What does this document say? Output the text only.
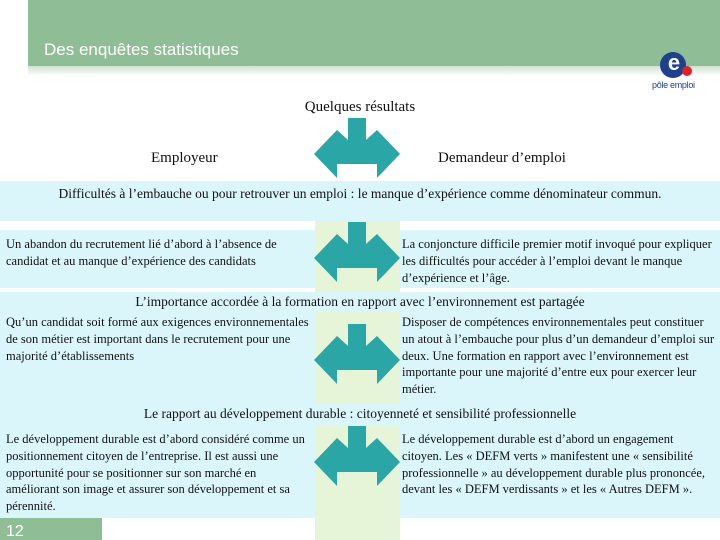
Des enquêtes statistiques
e
pôle emploi
Difficultés à l’embauche ou pour retrouver un emploi : le manque d’expérience comme dénominateur commun.
L’importance accordée à la formation en rapport avec l’environnement est partagée
Le rapport au développement durable : citoyenneté et sensibilité professionnelle
Quelques résultats
Employeur	Demandeur d’emploi
Un abandon du recrutement lié d’abord à l’absence de candidat et au manque d’expérience des candidats
La conjoncture difficile premier motif invoqué pour expliquer les difficultés pour accéder à l’emploi devant le manque d’expérience et l’âge.
Qu’un candidat soit formé aux exigences environnementales de son métier est important dans le recrutement pour une majorité d’établissements
Disposer de compétences environnementales peut constituer un atout à l’embauche pour plus d’un demandeur d’emploi sur deux. Une formation en rapport avec l’environnement est importante pour une majorité d’entre eux pour exercer leur métier.
Le développement durable est d’abord considéré comme un positionnement citoyen de l’entreprise. Il est aussi une opportunité pour se positionner sur son marché en améliorant son image et assurer son développement et sa pérennité.
Le développement durable est d’abord un engagement citoyen. Les « DEFM verts » manifestent une « sensibilité professionnelle » au développement durable plus prononcée, devant les « DEFM verdissants » et les « Autres DEFM ».
12
